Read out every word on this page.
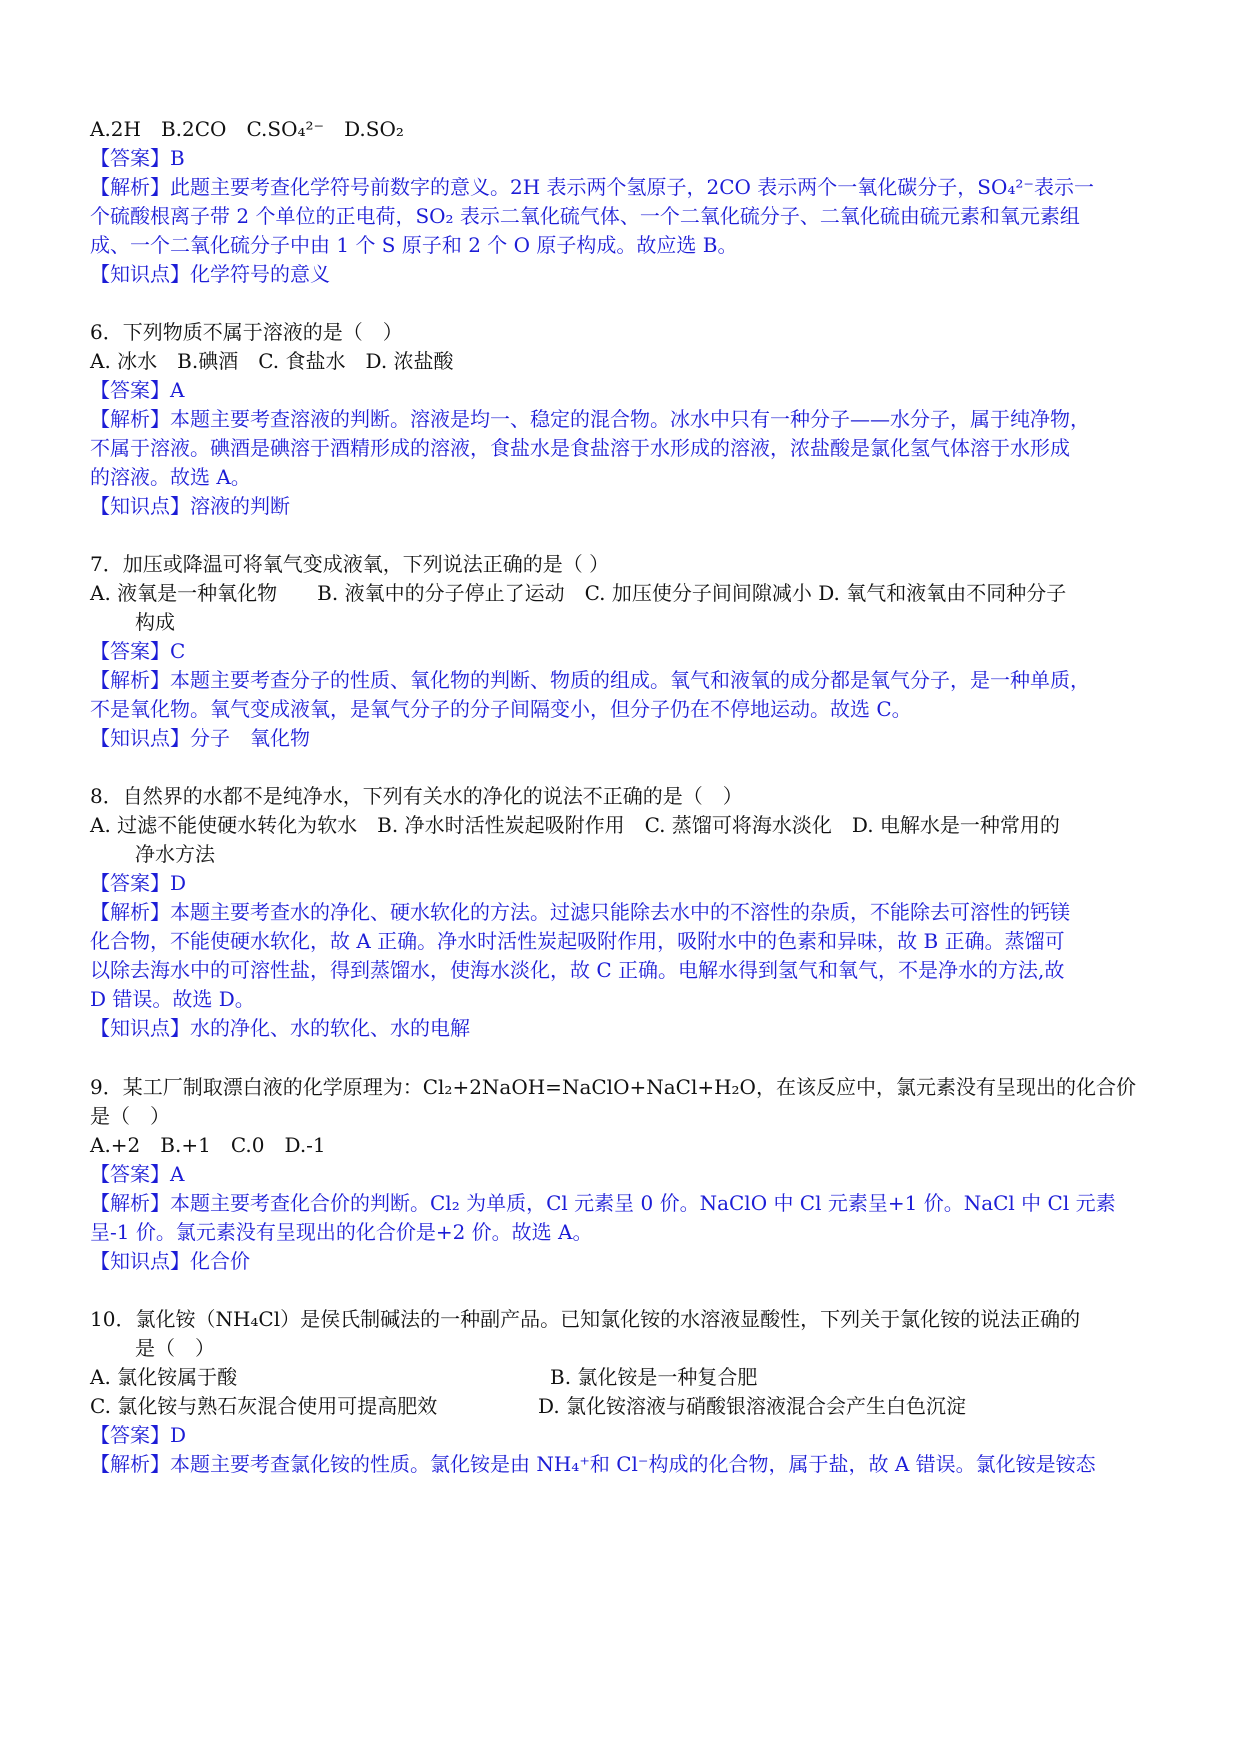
A.2H　B.2CO　C.SO₄²⁻　D.SO₂
【答案】B
【解析】此题主要考查化学符号前数字的意义。2H 表示两个氢原子，2CO 表示两个一氧化碳分子，SO₄²⁻表示一
个硫酸根离子带 2 个单位的正电荷，SO₂ 表示二氧化硫气体、一个二氧化硫分子、二氧化硫由硫元素和氧元素组
成、一个二氧化硫分子中由 1 个 S 原子和 2 个 O 原子构成。故应选 B。
【知识点】化学符号的意义
6．下列物质不属于溶液的是（　）
A. 冰水　B.碘酒　C. 食盐水　D. 浓盐酸
【答案】A
【解析】本题主要考查溶液的判断。溶液是均一、稳定的混合物。冰水中只有一种分子——水分子，属于纯净物，
不属于溶液。碘酒是碘溶于酒精形成的溶液，食盐水是食盐溶于水形成的溶液，浓盐酸是氯化氢气体溶于水形成
的溶液。故选 A。
【知识点】溶液的判断
7．加压或降温可将氧气变成液氧，下列说法正确的是（ ）
A. 液氧是一种氧化物　　B. 液氧中的分子停止了运动　C. 加压使分子间间隙减小 D. 氧气和液氧由不同种分子
构成
【答案】C
【解析】本题主要考查分子的性质、氧化物的判断、物质的组成。氧气和液氧的成分都是氧气分子，是一种单质，
不是氧化物。氧气变成液氧，是氧气分子的分子间隔变小，但分子仍在不停地运动。故选 C。
【知识点】分子　氧化物
8．自然界的水都不是纯净水，下列有关水的净化的说法不正确的是（　）
A. 过滤不能使硬水转化为软水　B. 净水时活性炭起吸附作用　C. 蒸馏可将海水淡化　D. 电解水是一种常用的
净水方法
【答案】D
【解析】本题主要考查水的净化、硬水软化的方法。过滤只能除去水中的不溶性的杂质，不能除去可溶性的钙镁
化合物，不能使硬水软化，故 A 正确。净水时活性炭起吸附作用，吸附水中的色素和异味，故 B 正确。蒸馏可
以除去海水中的可溶性盐，得到蒸馏水，使海水淡化，故 C 正确。电解水得到氢气和氧气，不是净水的方法,故
D 错误。故选 D。
【知识点】水的净化、水的软化、水的电解
9．某工厂制取漂白液的化学原理为：Cl₂+2NaOH=NaClO+NaCl+H₂O，在该反应中，氯元素没有呈现出的化合价
是（　）
A.+2　B.+1　C.0　D.-1
【答案】A
【解析】本题主要考查化合价的判断。Cl₂ 为单质，Cl 元素呈 0 价。NaClO 中 Cl 元素呈+1 价。NaCl 中 Cl 元素
呈-1 价。氯元素没有呈现出的化合价是+2 价。故选 A。
【知识点】化合价
10．氯化铵（NH₄Cl）是侯氏制碱法的一种副产品。已知氯化铵的水溶液显酸性，下列关于氯化铵的说法正确的
是（　）
A. 氯化铵属于酸	B. 氯化铵是一种复合肥
C. 氯化铵与熟石灰混合使用可提高肥效	D. 氯化铵溶液与硝酸银溶液混合会产生白色沉淀
【答案】D
【解析】本题主要考查氯化铵的性质。氯化铵是由 NH₄⁺和 Cl⁻构成的化合物，属于盐，故 A 错误。氯化铵是铵态
